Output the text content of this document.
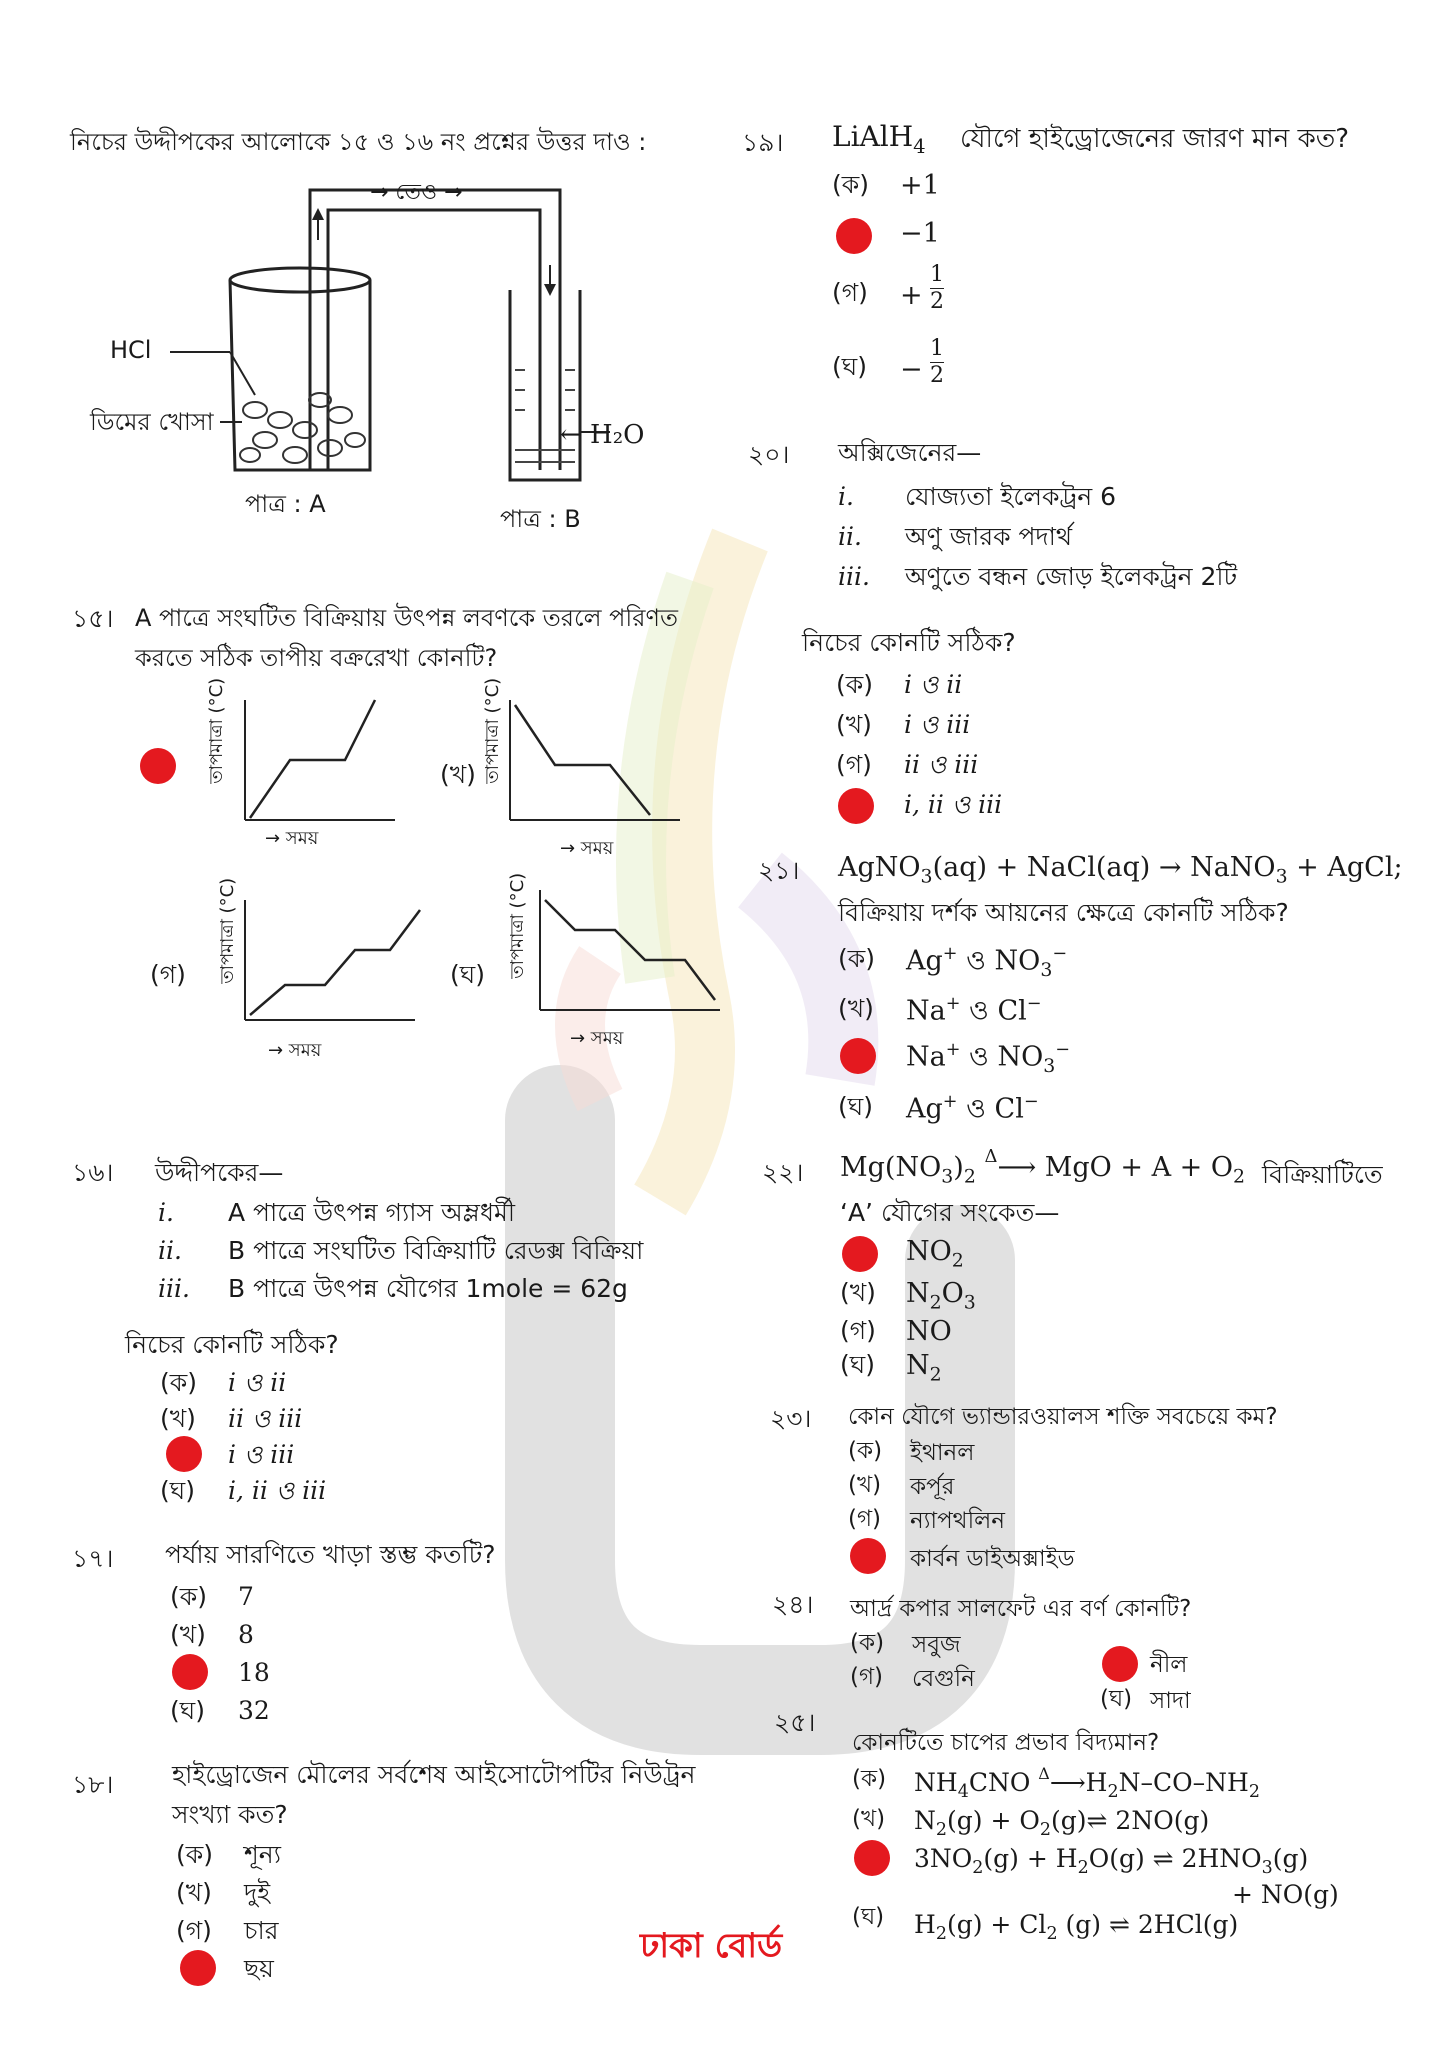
নিচের উদ্দীপকের আলোকে ১৫ ও ১৬ নং প্রশ্নের উত্তর দাও :
→ তেও →
HCl
ডিমের খোসা	← H₂O
পাত্র : A
পাত্র : B
১৫। A পাত্রে সংঘটিত বিক্রিয়ায় উৎপন্ন লবণকে তরলে পরিণত
করতে সঠিক তাপীয় বক্ররেখা কোনটি?
তাপমাত্রা (°C)
→ সময়
(খ) তাপমাত্রা (°C)
→ সময়
(গ) তাপমাত্রা (°C)
→ সময়
(ঘ) তাপমাত্রা (°C)
→ সময়
১৬। উদ্দীপকের—
i. A পাত্রে উৎপন্ন গ্যাস অম্লধর্মী
ii. B পাত্রে সংঘটিত বিক্রিয়াটি রেডক্স বিক্রিয়া
iii. B পাত্রে উৎপন্ন যৌগের 1mole = 62g
নিচের কোনটি সঠিক?
(ক) i ও ii
(খ) ii ও iii
i ও iii
(ঘ) i, ii ও iii
১৭। পর্যায় সারণিতে খাড়া স্তম্ভ কতটি?
(ক) 7
(খ) 8
18
(ঘ) 32
১৮। হাইড্রোজেন মৌলের সর্বশেষ আইসোটোপটির নিউট্রন
সংখ্যা কত?
(ক) শূন্য
(খ) দুই
(গ) চার
ছয়
ঢাকা বোর্ড
১৯। LiAlH$_4$ যৌগে হাইড্রোজেনের জারণ মান কত?
(ক) +1
−1
(গ) +
1
2
(ঘ) −
1
2
২০। অক্সিজেনের—
i. যোজ্যতা ইলেকট্রন 6
ii. অণু জারক পদার্থ
iii. অণুতে বন্ধন জোড় ইলেকট্রন 2টি
নিচের কোনটি সঠিক?
(ক) i ও ii
(খ) i ও iii
(গ) ii ও iii
i, ii ও iii
২১। AgNO$_3$(aq) + NaCl(aq) → NaNO$_3$ + AgCl;
বিক্রিয়ায় দর্শক আয়নের ক্ষেত্রে কোনটি সঠিক?
(ক) Ag+ ও $NO_3^-$
(খ) Na+ ও Cl−
Na+ ও $NO_3^-$
(ঘ) Ag+ ও Cl−
২২। $Mg(NO_3)_2$ $^\Delta$⟶ MgO + $A + O_2$ বিক্রিয়াটিতে
‘A’ যৌগের সংকেত—
$NO_2$
(খ) $N_2O_3$
(গ) NO
(ঘ) $N_2$
২৩। কোন যৌগে ভ্যান্ডারওয়ালস শক্তি সবচেয়ে কম?
(ক) ইথানল
(খ) কর্পূর
(গ) ন্যাপথলিন
কার্বন ডাইঅক্সাইড
২৪। আর্দ্র কপার সালফেট এর বর্ণ কোনটি?
(ক) সবুজ
(গ) বেগুনি
নীল
(ঘ) সাদা
২৫।
কোনটিতে চাপের প্রভাব বিদ্যমান?
(ক) $NH_4CNO$ $^\Delta⟶H_2N-CO-NH_2$
(খ) $N_2(g)$ + $O_2(g)\rightleftharpoons$ 2NO(g)
$3NO_2(g) + H_2O(g)$ ⇌ $2HNO_3(g)$
+ NO(g)
(ঘ) $H_2(g) + Cl_2$ (g) ⇌ 2HCl(g)
